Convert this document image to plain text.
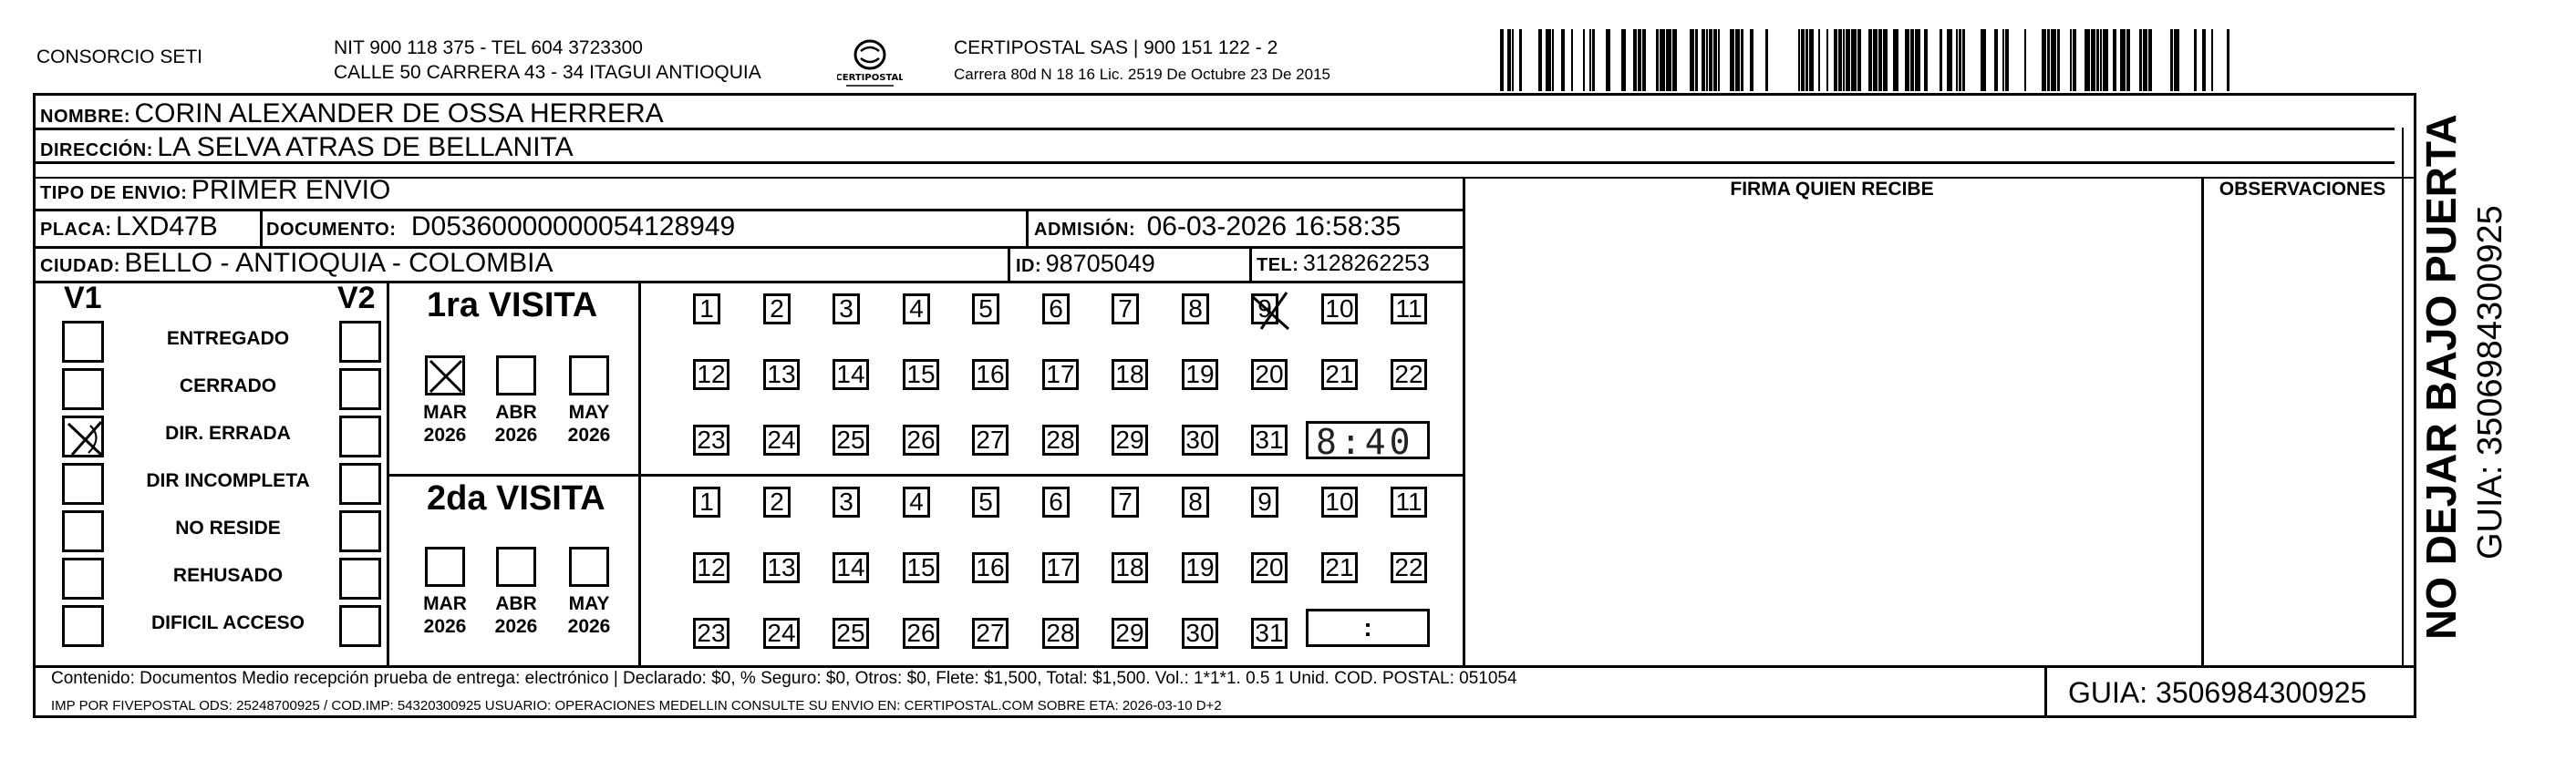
CONSORCIO SETI	NIT 900 118 375 - TEL 604 3723300
CALLE 50 CARRERA 43 - 34 ITAGUI ANTIOQUIA	CERTIPOSTAL
CERTIPOSTAL SAS | 900 151 122 - 2
Carrera 80d N 18 16 Lic. 2519 De Octubre 23 De 2015
NOMBRE: CORIN ALEXANDER DE OSSA HERRERA
DIRECCIÓN: LA SELVA ATRAS DE BELLANITA
TIPO DE ENVIO: PRIMER ENVIO
PLACA: LXD47B	DOCUMENTO: D05360000000054128949	ADMISIÓN: 06-03-2026 16:58:35
CIUDAD: BELLO - ANTIOQUIA - COLOMBIA	ID: 98705049	TEL: 3128262253
FIRMA QUIEN RECIBE	OBSERVACIONES
V1	V2
ENTREGADO
CERRADO
DIR. ERRADA
DIR INCOMPLETA
NO RESIDE
REHUSADO
DIFICIL ACCESO
1ra VISITA
2da VISITA
MAR
2026
ABR
2026
MAY
2026
MAR
2026
ABR
2026
MAY
2026
1 2 3 4 5 6 7 8 9 10 11
12 13 14 15 16 17 18 19 20 21 22
23 24 25 26 27 28 29 30 31
1 2 3 4 5 6 7 8 9 10 11
12 13 14 15 16 17 18 19 20 21 22
23 24 25 26 27 28 29 30 31
8:40
:
Contenido: Documentos Medio recepción prueba de entrega: electrónico | Declarado: $0, % Seguro: $0, Otros: $0, Flete: $1,500, Total: $1,500. Vol.: 1*1*1. 0.5 1 Unid. COD. POSTAL: 051054
IMP POR FIVEPOSTAL ODS: 25248700925 / COD.IMP: 54320300925 USUARIO: OPERACIONES MEDELLIN CONSULTE SU ENVIO EN: CERTIPOSTAL.COM SOBRE ETA: 2026-03-10 D+2	GUIA: 3506984300925
NO DEJAR BAJO PUERTA GUIA: 3506984300925
